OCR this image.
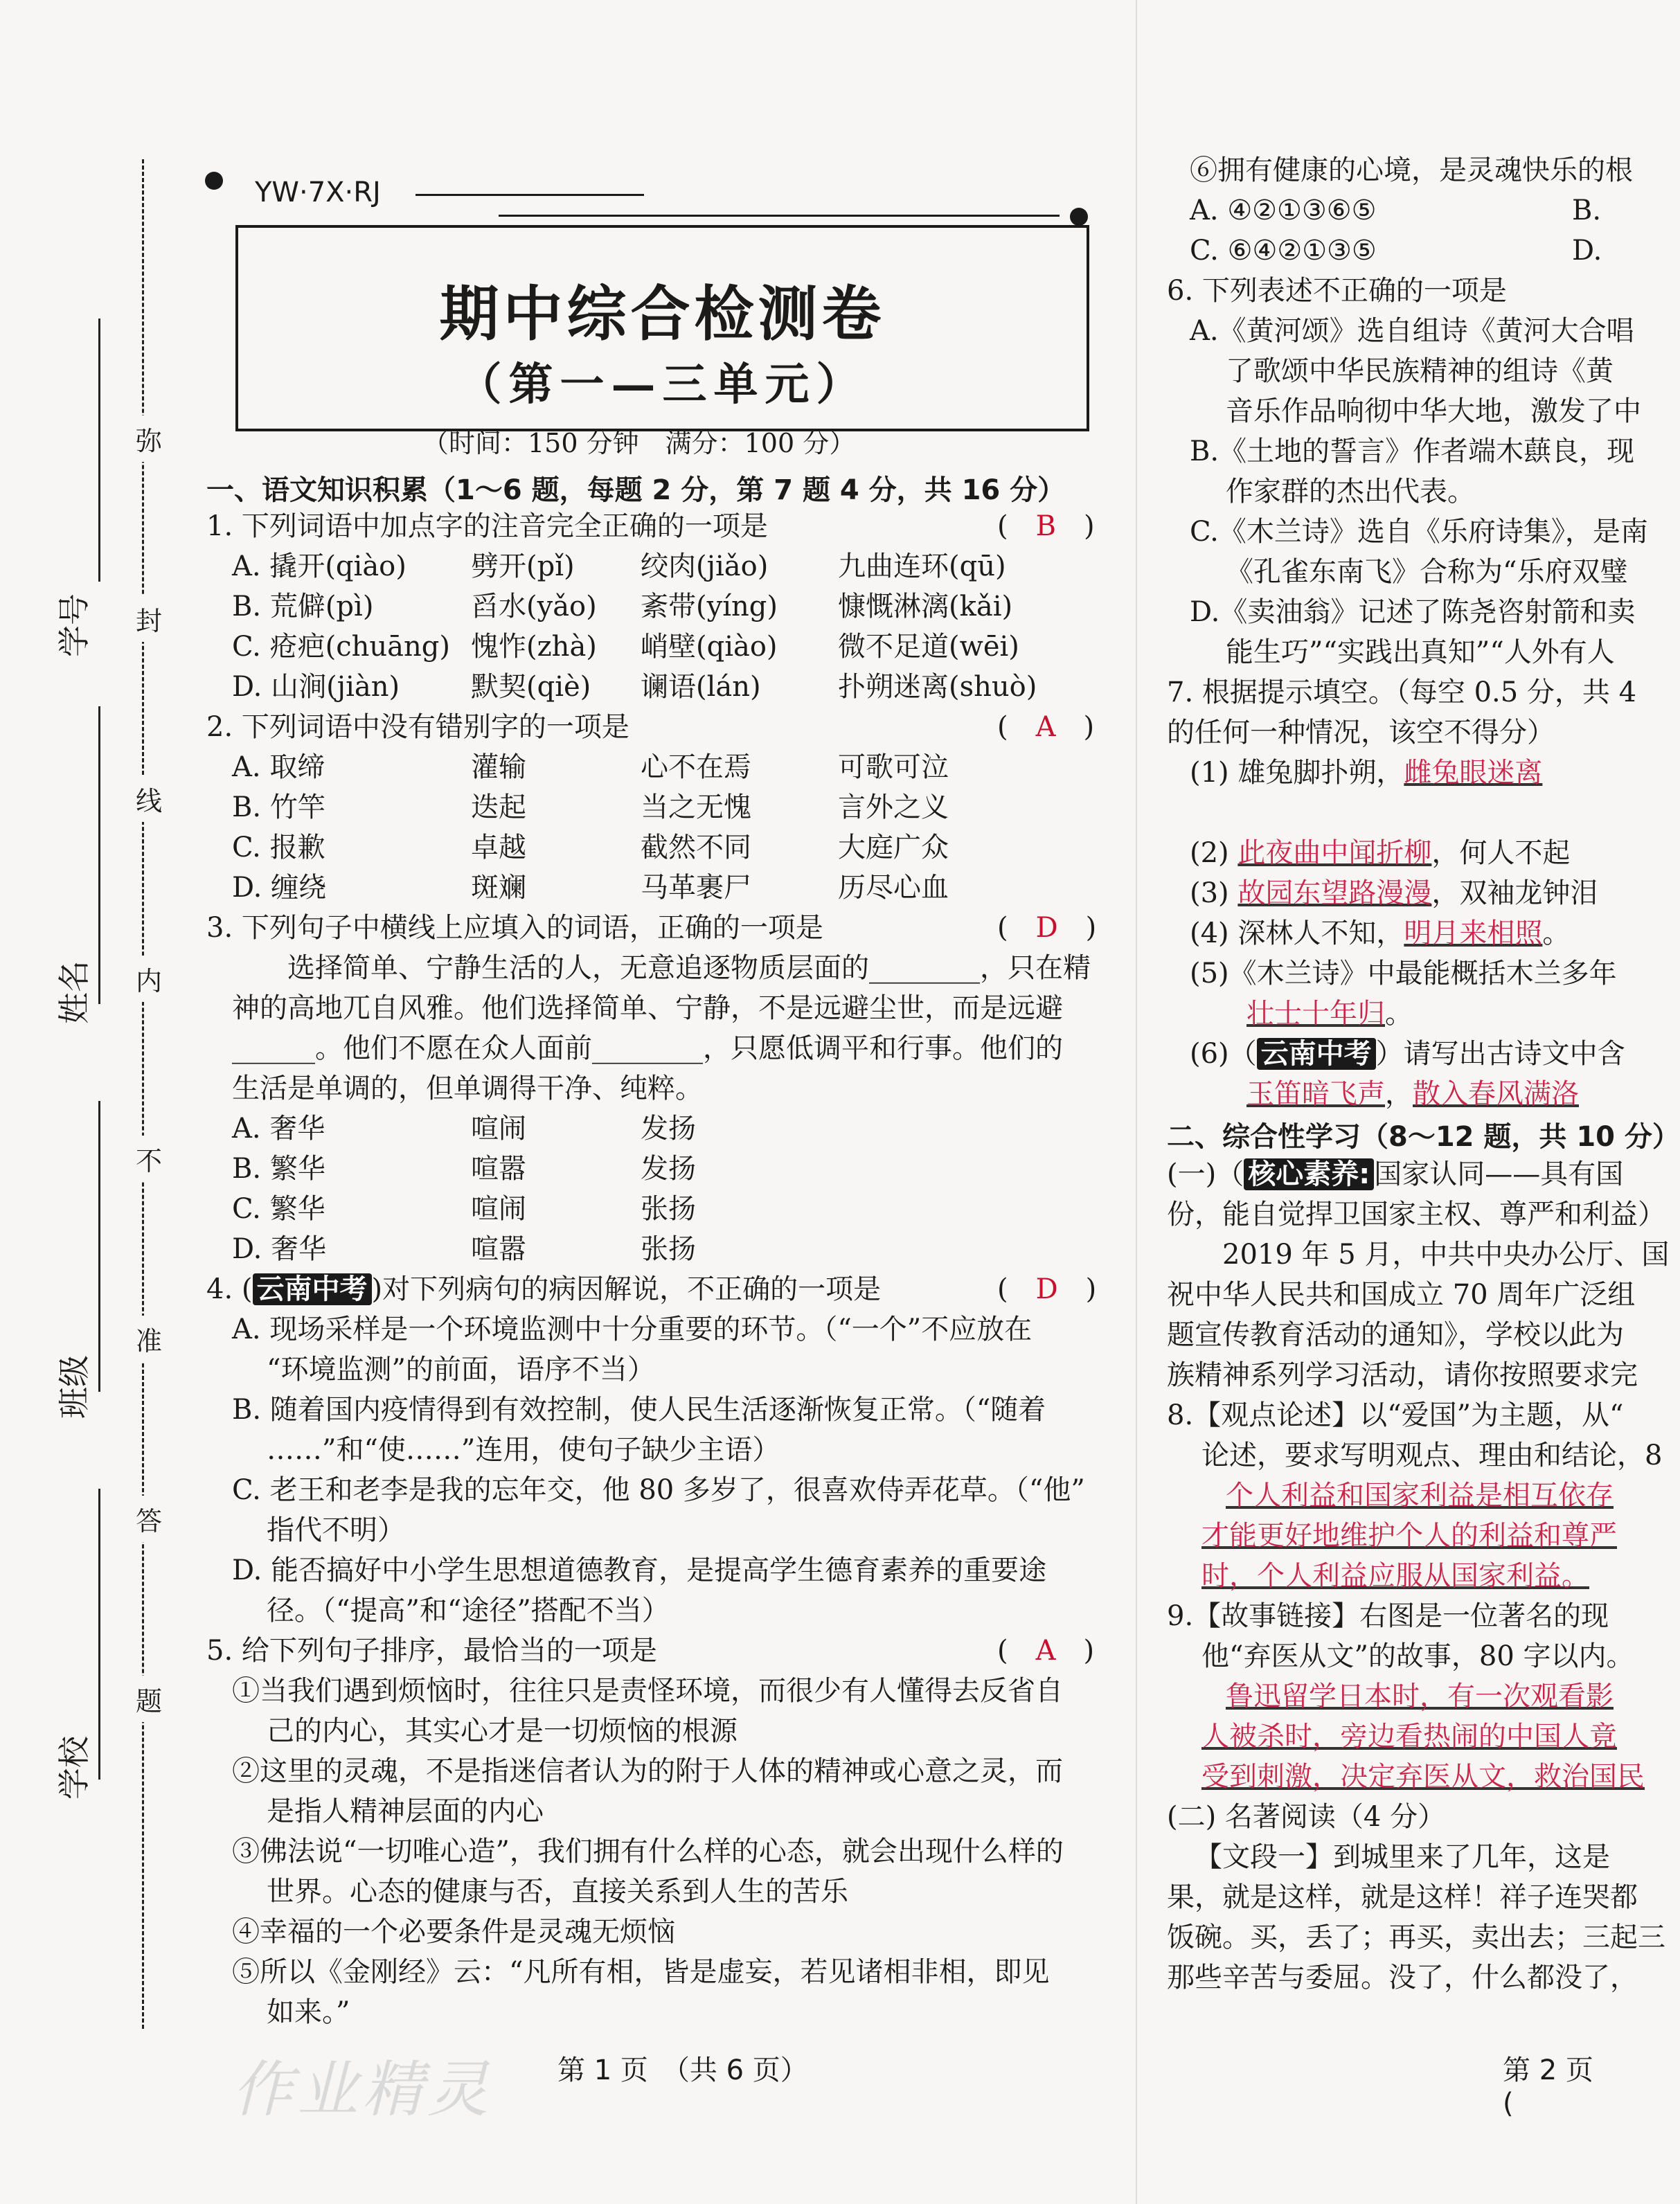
学号
姓名
班级
学校
弥
封
线
内
不
准
答
题
YW·7X·RJ
期中综合检测卷
（第一—三单元）
（时间：150 分钟　满分：100 分）
一、语文知识积累（1～6 题，每题 2 分，第 7 题 4 分，共 16 分）
1. 下列词语中加点字的注音完全正确的一项是	(　B　)
A. 撬开(qiào) 劈开(pǐ) 绞肉(jiǎo)	九曲连环(qū)
B. 荒僻(pì)	舀水(yǎo) 紊带(yíng) 慷慨淋漓(kǎi)
C. 疮疤(chuāng) 愧怍(zhà) 峭壁(qiào) 微不足道(wēi)
D. 山涧(jiàn)	默契(qiè) 谰语(lán)	扑朔迷离(shuò)
2. 下列词语中没有错别字的一项是	(　A　)
A. 取缔	灌输	心不在焉	可歌可泣
B. 竹竿	迭起	当之无愧	言外之义
C. 报歉	卓越	截然不同	大庭广众
D. 缠绕	斑斓	马革裹尸	历尽心血
3. 下列句子中横线上应填入的词语，正确的一项是	(　D　)
选择简单、宁静生活的人，无意追逐物质层面的________，只在精
神的高地兀自风雅。他们选择简单、宁静，不是远避尘世，而是远避
______。他们不愿在众人面前________，只愿低调平和行事。他们的
生活是单调的，但单调得干净、纯粹。
A. 奢华	喧闹	发扬
B. 繁华	喧嚣	发扬
C. 繁华	喧闹	张扬
D. 奢华	喧嚣	张扬
4. ( 云南中考 )对下列病句的病因解说，不正确的一项是	(　D　)
A. 现场采样是一个环境监测中十分重要的环节。（“一个”不应放在
“环境监测”的前面，语序不当）
B. 随着国内疫情得到有效控制，使人民生活逐渐恢复正常。（“随着
……”和“使……”连用，使句子缺少主语）
C. 老王和老李是我的忘年交，他 80 多岁了，很喜欢侍弄花草。（“他”
指代不明）
D. 能否搞好中小学生思想道德教育，是提高学生德育素养的重要途
径。（“提高”和“途径”搭配不当）
5. 给下列句子排序，最恰当的一项是	(　A　)
①当我们遇到烦恼时，往往只是责怪环境，而很少有人懂得去反省自
己的内心，其实心才是一切烦恼的根源
②这里的灵魂，不是指迷信者认为的附于人体的精神或心意之灵，而
是指人精神层面的内心
③佛法说“一切唯心造”，我们拥有什么样的心态，就会出现什么样的
世界。心态的健康与否，直接关系到人生的苦乐
④幸福的一个必要条件是灵魂无烦恼
⑤所以《金刚经》云：“凡所有相，皆是虚妄，若见诸相非相，即见
如来。”
作业精灵 第 1 页　（共 6 页）
⑥拥有健康的心境，是灵魂快乐的根
A. ④②①③⑥⑤	B.
C. ⑥④②①③⑤	D.
6. 下列表述不正确的一项是
A.《黄河颂》选自组诗《黄河大合唱
了歌颂中华民族精神的组诗《黄
音乐作品响彻中华大地，激发了中
B.《土地的誓言》作者端木蕻良，现
作家群的杰出代表。
C.《木兰诗》选自《乐府诗集》，是南
《孔雀东南飞》合称为“乐府双璧
D.《卖油翁》记述了陈尧咨射箭和卖
能生巧”“实践出真知”“人外有人
7. 根据提示填空。（每空 0.5 分，共 4
的任何一种情况，该空不得分）
(1) 雄兔脚扑朔，雌兔眼迷离
(2) 此夜曲中闻折柳，何人不起
(3) 故园东望路漫漫，双袖龙钟泪
(4) 深林人不知，明月来相照。
(5)《木兰诗》中最能概括木兰多年
壮士十年归。
(6)（ 云南中考 ）请写出古诗文中含
玉笛暗飞声，散入春风满洛
二、综合性学习（8～12 题，共 10 分）
(一)（ 核心素养: 国家认同——具有国
份，能自觉捍卫国家主权、尊严和利益）
2019 年 5 月，中共中央办公厅、国
祝中华人民共和国成立 70 周年广泛组
题宣传教育活动的通知》，学校以此为
族精神系列学习活动，请你按照要求完
8.【观点论述】以“爱国”为主题，从“
论述，要求写明观点、理由和结论，8
个人利益和国家利益是相互依存
才能更好地维护个人的利益和尊严
时，个人利益应服从国家利益。
9.【故事链接】右图是一位著名的现
他“弃医从文”的故事，80 字以内。
鲁迅留学日本时，有一次观看影
人被杀时，旁边看热闹的中国人竟
受到刺激，决定弃医从文，救治国民
(二) 名著阅读（4 分）
【文段一】到城里来了几年，这是
果，就是这样，就是这样！祥子连哭都
饭碗。买，丢了；再买，卖出去；三起三
那些辛苦与委屈。没了，什么都没了，
第 2 页　(
